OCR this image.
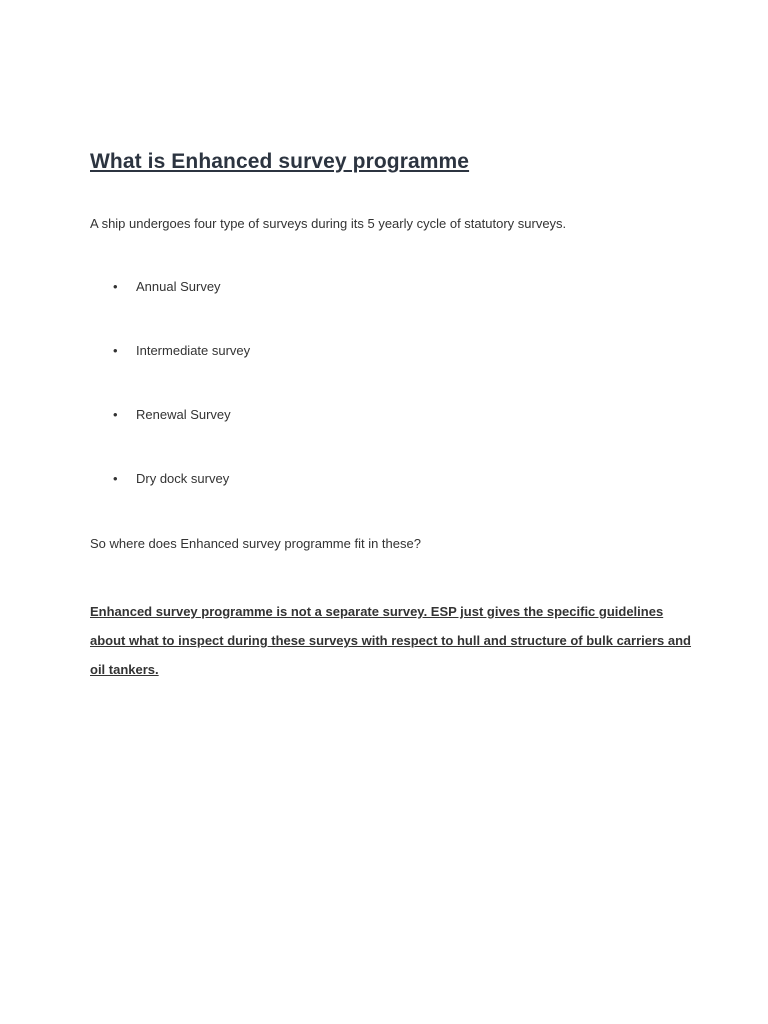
What is Enhanced survey programme

A ship undergoes four type of surveys during its 5 yearly cycle of statutory surveys.

• Annual Survey
• Intermediate survey
• Renewal Survey
• Dry dock survey

So where does Enhanced survey programme fit in these?

Enhanced survey programme is not a separate survey. ESP just gives the specific guidelines
about what to inspect during these surveys with respect to hull and structure of bulk carriers and
oil tankers.
